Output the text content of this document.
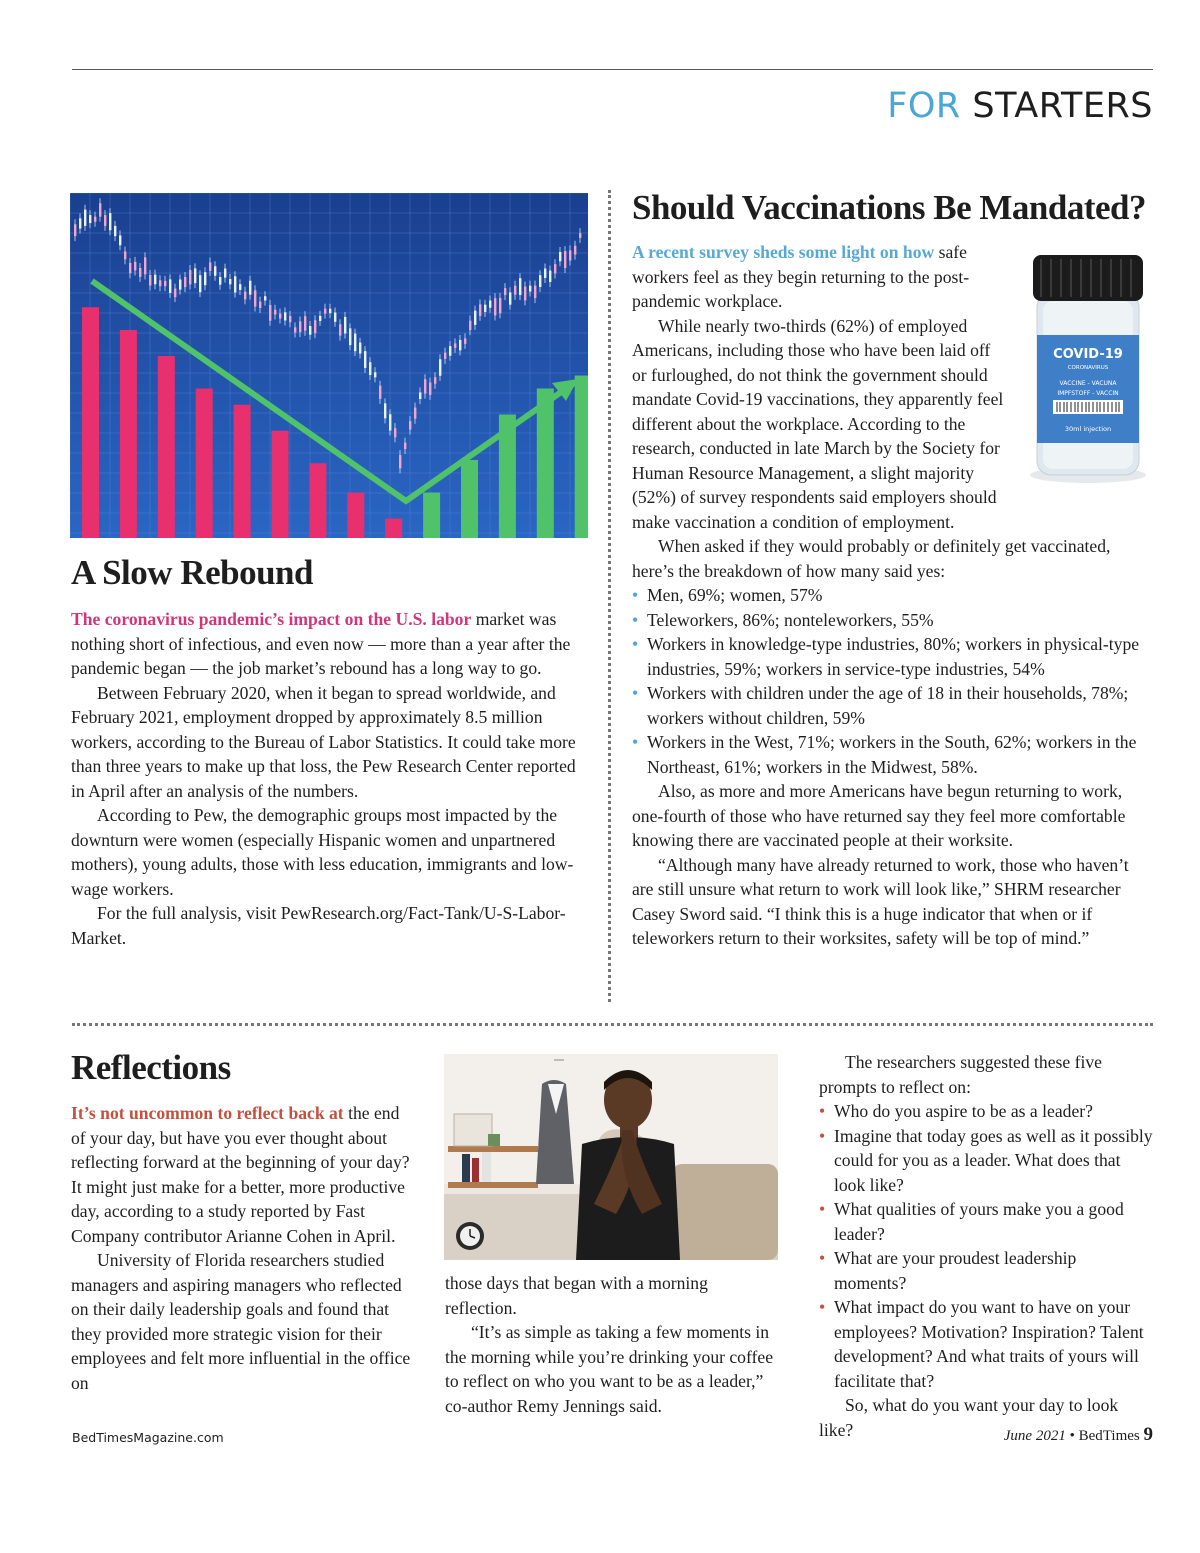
FOR STARTERS
A Slow Rebound

The coronavirus pandemic’s impact on the U.S. labor market was nothing short of infectious, and even now — more than a year after the pandemic began — the job market’s rebound has a long way to go.

Between February 2020, when it began to spread worldwide, and February 2021, employment dropped by approximately 8.5 million workers, according to the Bureau of Labor Statistics. It could take more than three years to make up that loss, the Pew Research Center reported in April after an analysis of the numbers.

According to Pew, the demographic groups most impacted by the downturn were women (especially Hispanic women and unpartnered mothers), young adults, those with less education, immigrants and low-wage workers.

For the full analysis, visit PewResearch.org/Fact-Tank/U-S-Labor-Market.

Should Vaccinations Be Mandated?
COVID-19
CORONAVIRUS
VACCINE - VACUNA
IMPFSTOFF - VACCIN
30ml injection

A recent survey sheds some light on how safe workers feel as they begin returning to the post-pandemic workplace.

While nearly two-thirds (62%) of employed Americans, including those who have been laid off or furloughed, do not think the government should mandate Covid-19 vaccinations, they apparently feel different about the workplace. According to the research, conducted in late March by the Society for Human Resource Management, a slight majority (52%) of survey respondents said employers should make vaccination a condition of employment.

When asked if they would probably or definitely get vaccinated, here’s the breakdown of how many said yes:

• Men, 69%; women, 57%
• Teleworkers, 86%; nonteleworkers, 55%
• Workers in knowledge-type industries, 80%; workers in physical-type industries, 59%; workers in service-type industries, 54%
• Workers with children under the age of 18 in their households, 78%; workers without children, 59%
• Workers in the West, 71%; workers in the South, 62%; workers in the Northeast, 61%; workers in the Midwest, 58%.

Also, as more and more Americans have begun returning to work, one-fourth of those who have returned say they feel more comfortable knowing there are vaccinated people at their worksite.

“Although many have already returned to work, those who haven’t are still unsure what return to work will look like,” SHRM researcher Casey Sword said. “I think this is a huge indicator that when or if teleworkers return to their worksites, safety will be top of mind.”

Reflections

It’s not uncommon to reflect back at the end of your day, but have you ever thought about reflecting forward at the beginning of your day? It might just make for a better, more productive day, according to a study reported by Fast Company contributor Arianne Cohen in April.

University of Florida researchers studied managers and aspiring managers who reflected on their daily leadership goals and found that they provided more strategic vision for their employees and felt more influential in the office on

those days that began with a morning reflection.

“It’s as simple as taking a few moments in the morning while you’re drinking your coffee to reflect on who you want to be as a leader,” co-author Remy Jennings said.

The researchers suggested these five prompts to reflect on:

• Who do you aspire to be as a leader?
• Imagine that today goes as well as it possibly could for you as a leader. What does that look like?
• What qualities of yours make you a good leader?
• What are your proudest leadership moments?
• What impact do you want to have on your employees? Motivation? Inspiration? Talent development? And what traits of yours will facilitate that?

So, what do you want your day to look like?

BedTimesMagazine.com	June 2021 • BedTimes 9
